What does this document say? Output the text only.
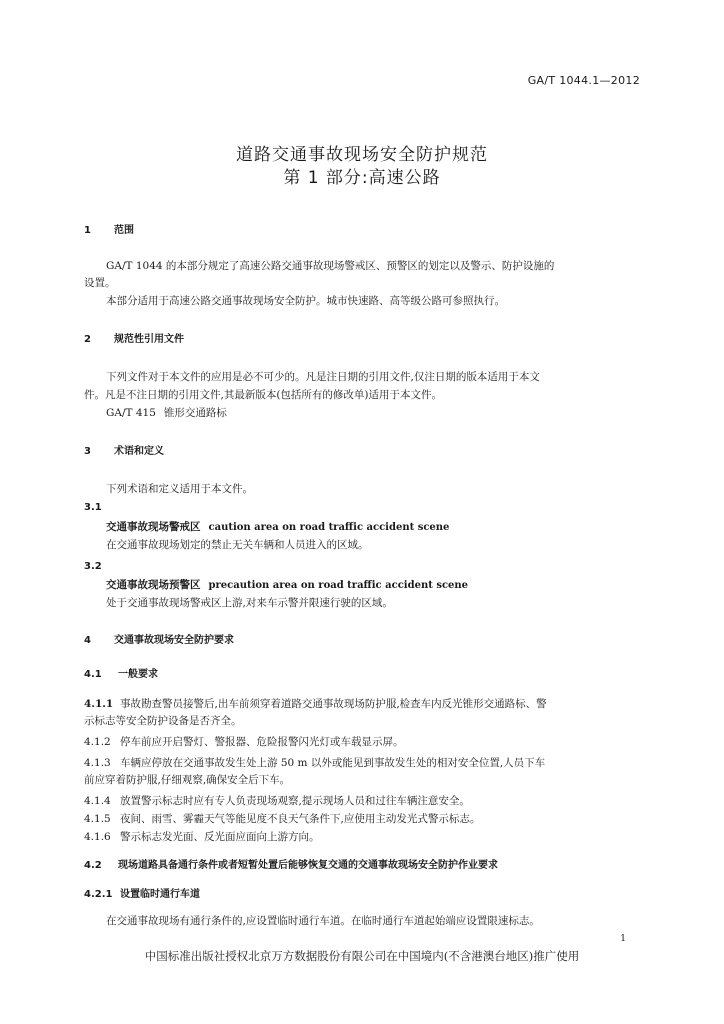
GA/T 1044.1—2012
道路交通事故现场安全防护规范
第 1 部分:高速公路
1 范围
GA/T 1044 的本部分规定了高速公路交通事故现场警戒区、预警区的划定以及警示、防护设施的
设置。
本部分适用于高速公路交通事故现场安全防护。城市快速路、高等级公路可参照执行。
2 规范性引用文件
下列文件对于本文件的应用是必不可少的。凡是注日期的引用文件,仅注日期的版本适用于本文
件。凡是不注日期的引用文件,其最新版本(包括所有的修改单)适用于本文件。
GA/T 415 锥形交通路标
3 术语和定义
下列术语和定义适用于本文件。
3.1
交通事故现场警戒区 caution area on road traffic accident scene
在交通事故现场划定的禁止无关车辆和人员进入的区域。
3.2
交通事故现场预警区 precaution area on road traffic accident scene
处于交通事故现场警戒区上游,对来车示警并限速行驶的区域。
4 交通事故现场安全防护要求
4.1 一般要求
4.1.1 事故勘查警员接警后,出车前须穿着道路交通事故现场防护服,检查车内反光锥形交通路标、警
示标志等安全防护设备是否齐全。
4.1.2 停车前应开启警灯、警报器、危险报警闪光灯或车载显示屏。
4.1.3 车辆应停放在交通事故发生处上游 50 m 以外或能见到事故发生处的相对安全位置,人员下车
前应穿着防护服,仔细观察,确保安全后下车。
4.1.4 放置警示标志时应有专人负责现场观察,提示现场人员和过往车辆注意安全。
4.1.5 夜间、雨雪、雾霾天气等能见度不良天气条件下,应使用主动发光式警示标志。
4.1.6 警示标志发光面、反光面应面向上游方向。
4.2 现场道路具备通行条件或者短暂处置后能够恢复交通的交通事故现场安全防护作业要求
4.2.1 设置临时通行车道
在交通事故现场有通行条件的,应设置临时通行车道。在临时通行车道起始端应设置限速标志。
1
中国标准出版社授权北京万方数据股份有限公司在中国境内(不含港澳台地区)推广使用
